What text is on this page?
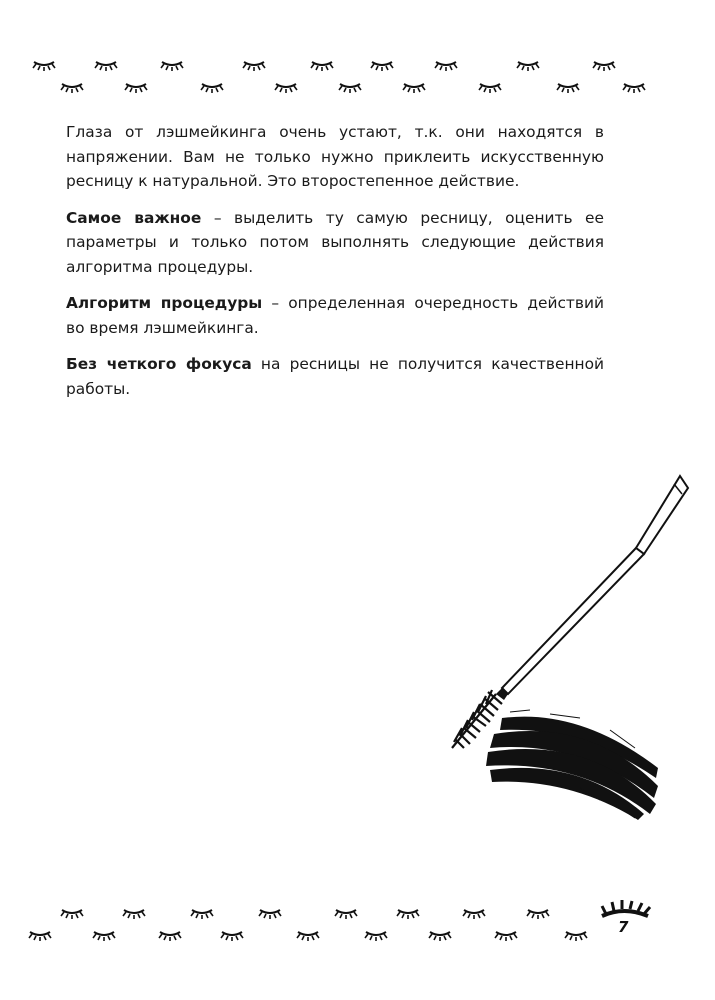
Глаза от лэшмейкинга очень устают, т.к. они находятся в напряжении. Вам не только нужно приклеить искусственную ресницу к натуральной. Это второстепенное действие.

Самое важное – выделить ту самую ресницу, оценить ее параметры и только потом выполнять следующие действия алгоритма процедуры.

Алгоритм процедуры – определенная очередность действий во время лэшмейкинга.

Без четкого фокуса на ресницы не получится качественной работы.

7
